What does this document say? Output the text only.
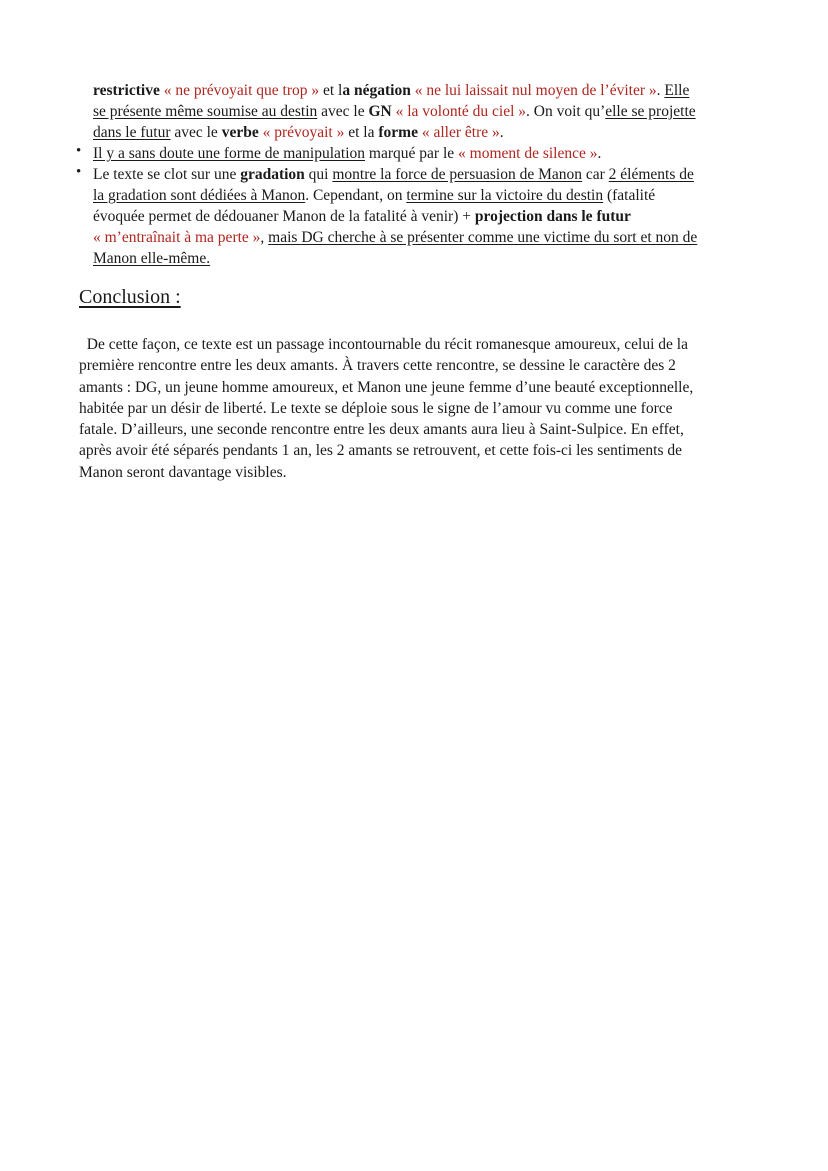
restrictive « ne prévoyait que trop » et la négation « ne lui laissait nul moyen de l’éviter ». Elle
se présente même soumise au destin avec le GN « la volonté du ciel ». On voit qu’elle se projette
dans le futur avec le verbe « prévoyait » et la forme « aller être ».
• Il y a sans doute une forme de manipulation marqué par le « moment de silence ».
• Le texte se clot sur une gradation qui montre la force de persuasion de Manon car 2 éléments de
la gradation sont dédiées à Manon. Cependant, on termine sur la victoire du destin (fatalité
évoquée permet de dédouaner Manon de la fatalité à venir) + projection dans le futur
« m’entraînait à ma perte », mais DG cherche à se présenter comme une victime du sort et non de
Manon elle-même.
Conclusion :
De cette façon, ce texte est un passage incontournable du récit romanesque amoureux, celui de la
première rencontre entre les deux amants. À travers cette rencontre, se dessine le caractère des 2
amants : DG, un jeune homme amoureux, et Manon une jeune femme d’une beauté exceptionnelle,
habitée par un désir de liberté. Le texte se déploie sous le signe de l’amour vu comme une force
fatale. D’ailleurs, une seconde rencontre entre les deux amants aura lieu à Saint-Sulpice. En effet,
après avoir été séparés pendants 1 an, les 2 amants se retrouvent, et cette fois-ci les sentiments de
Manon seront davantage visibles.
